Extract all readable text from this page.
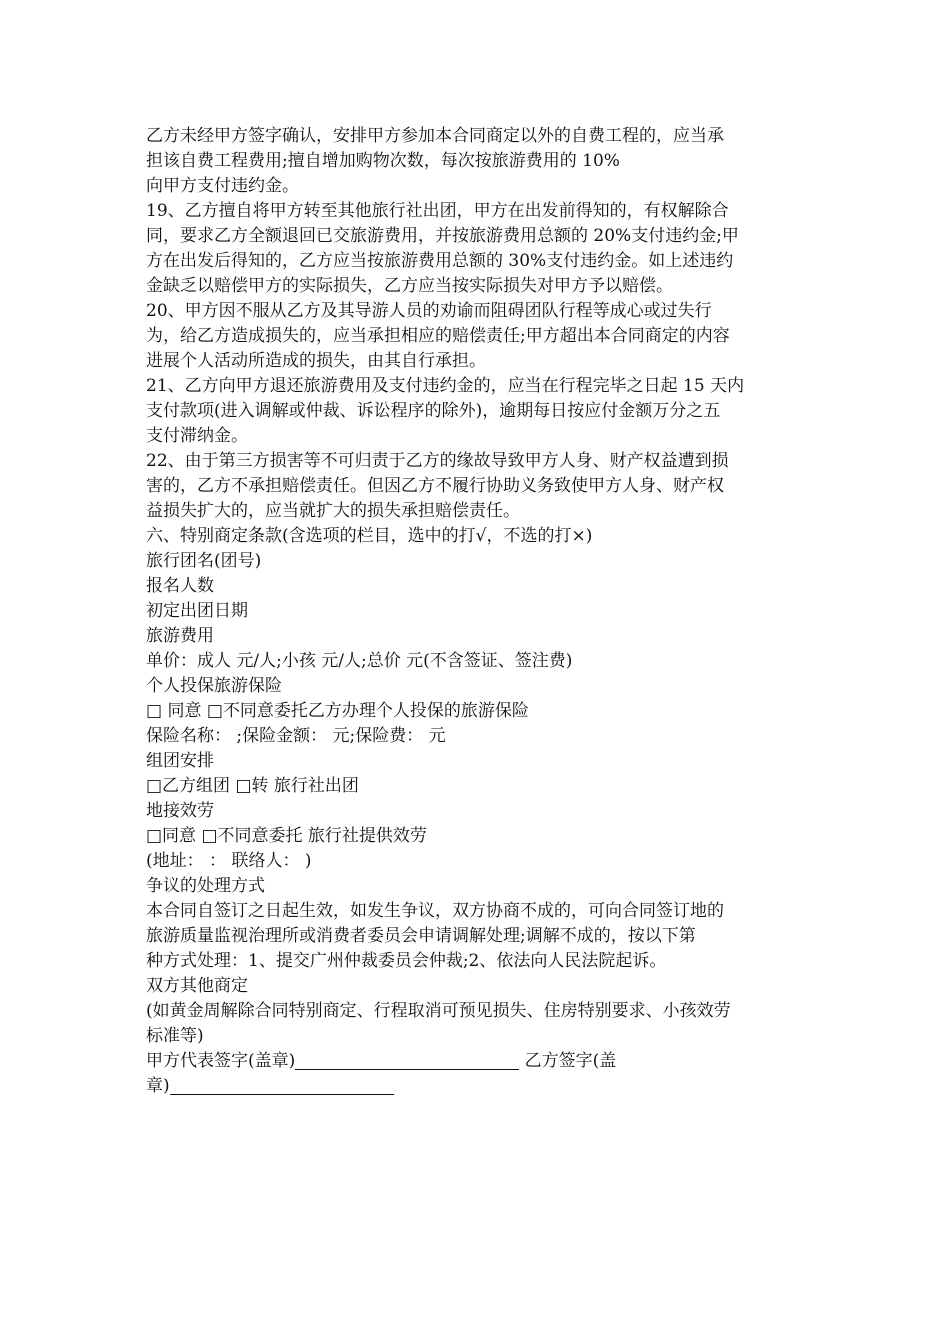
乙方未经甲方签字确认，安排甲方参加本合同商定以外的自费工程的，应当承
担该自费工程费用;擅自增加购物次数，每次按旅游费用的 10%
向甲方支付违约金。
19、乙方擅自将甲方转至其他旅行社出团，甲方在出发前得知的，有权解除合
同，要求乙方全额退回已交旅游费用，并按旅游费用总额的 20%支付违约金;甲
方在出发后得知的，乙方应当按旅游费用总额的 30%支付违约金。如上述违约
金缺乏以赔偿甲方的实际损失，乙方应当按实际损失对甲方予以赔偿。
20、甲方因不服从乙方及其导游人员的劝谕而阻碍团队行程等成心或过失行
为，给乙方造成损失的，应当承担相应的赔偿责任;甲方超出本合同商定的内容
进展个人活动所造成的损失，由其自行承担。
21、乙方向甲方退还旅游费用及支付违约金的，应当在行程完毕之日起 15 天内
支付款项(进入调解或仲裁、诉讼程序的除外)，逾期每日按应付金额万分之五
支付滞纳金。
22、由于第三方损害等不可归责于乙方的缘故导致甲方人身、财产权益遭到损
害的，乙方不承担赔偿责任。但因乙方不履行协助义务致使甲方人身、财产权
益损失扩大的，应当就扩大的损失承担赔偿责任。
六、特别商定条款(含选项的栏目，选中的打√，不选的打×)
旅行团名(团号)
报名人数
初定出团日期
旅游费用
单价：成人 元/人;小孩 元/人;总价 元(不含签证、签注费)
个人投保旅游保险
□ 同意 □不同意委托乙方办理个人投保的旅游保险
保险名称： ;保险金额： 元;保险费： 元
组团安排
□乙方组团 □转 旅行社出团
地接效劳
□同意 □不同意委托 旅行社提供效劳
(地址： ： 联络人： )
争议的处理方式
本合同自签订之日起生效，如发生争议，双方协商不成的，可向合同签订地的
旅游质量监视治理所或消费者委员会申请调解处理;调解不成的，按以下第
种方式处理：1、提交广州仲裁委员会仲裁;2、依法向人民法院起诉。
双方其他商定
(如黄金周解除合同特别商定、行程取消可预见损失、住房特别要求、小孩效劳
标准等)
甲方代表签字(盖章)	乙方签字(盖
章)
